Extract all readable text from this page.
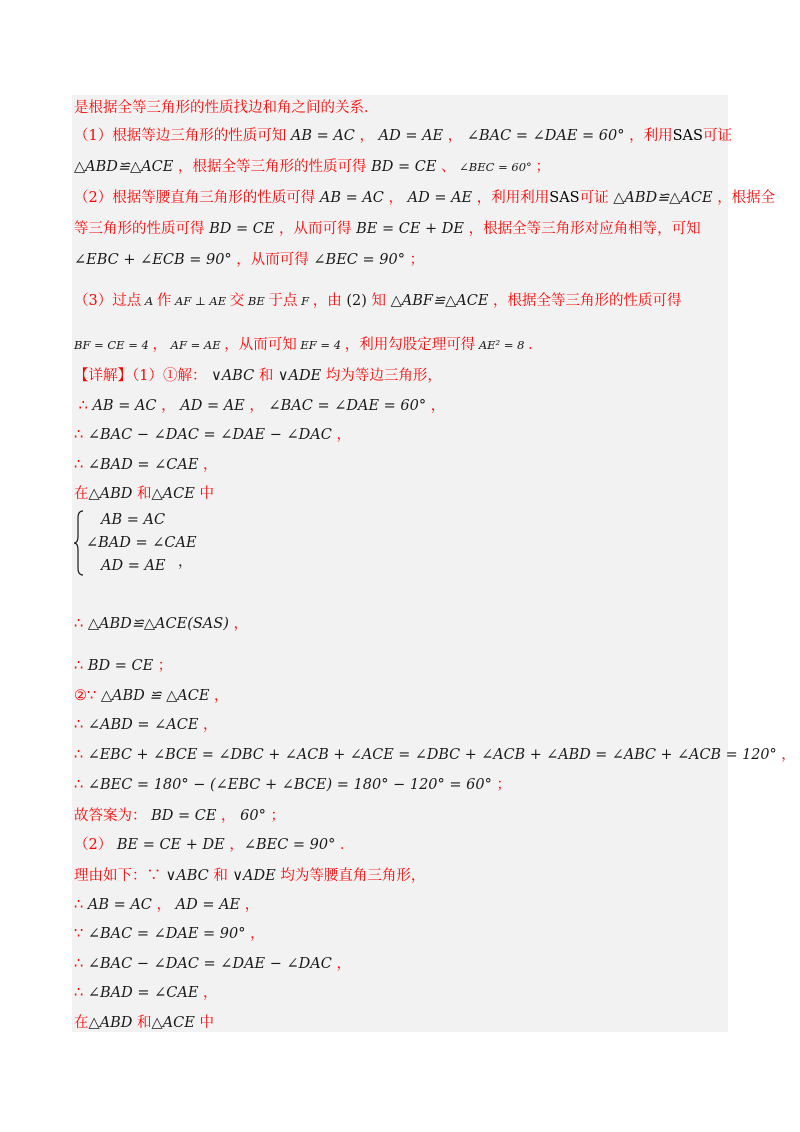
是根据全等三角形的性质找边和角之间的关系．
（1）根据等边三角形的性质可知 AB = AC ， AD = AE ， ∠BAC = ∠DAE = 60° ，利用SAS可证
△ABD≌△ACE ，根据全等三角形的性质可得 BD = CE 、 ∠BEC = 60° ；
（2）根据等腰直角三角形的性质可得 AB = AC ， AD = AE ，利用利用SAS可证 △ABD≌△ACE ，根据全
等三角形的性质可得 BD = CE ，从而可得 BE = CE + DE ，根据全等三角形对应角相等，可知
∠EBC + ∠ECB = 90° ，从而可得 ∠BEC = 90° ；
（3）过点 A 作 AF ⊥ AE 交 BE 于点 F ，由 (2) 知 △ABF≌△ACE ，根据全等三角形的性质可得
BF = CE = 4 ， AF = AE ，从而可知 EF = 4 ，利用勾股定理可得 AE² = 8 ．
【详解】（1）①解： ∨ABC 和 ∨ADE 均为等边三角形，
∴ AB = AC ， AD = AE ， ∠BAC = ∠DAE = 60° ，
∴ ∠BAC − ∠DAC = ∠DAE − ∠DAC ，
∴ ∠BAD = ∠CAE ，
在△ABD 和△ACE 中
∴ △ABD≌△ACE(SAS) ，
∴ BD = CE ；
②∵ △ABD ≌ △ACE ，
∴ ∠ABD = ∠ACE ，
∴ ∠EBC + ∠BCE = ∠DBC + ∠ACB + ∠ACE = ∠DBC + ∠ACB + ∠ABD = ∠ABC + ∠ACB = 120° ，
∴ ∠BEC = 180° − (∠EBC + ∠BCE) = 180° − 120° = 60° ；
故答案为： BD = CE ， 60° ；
（2） BE = CE + DE ，∠BEC = 90° ．
理由如下：∵ ∨ABC 和 ∨ADE 均为等腰直角三角形，
∴ AB = AC ， AD = AE ，
∵ ∠BAC = ∠DAE = 90° ，
∴ ∠BAC − ∠DAC = ∠DAE − ∠DAC ，
∴ ∠BAD = ∠CAE ，
在△ABD 和△ACE 中
AB = AC
∠BAD = ∠CAE
AD = AE ，
